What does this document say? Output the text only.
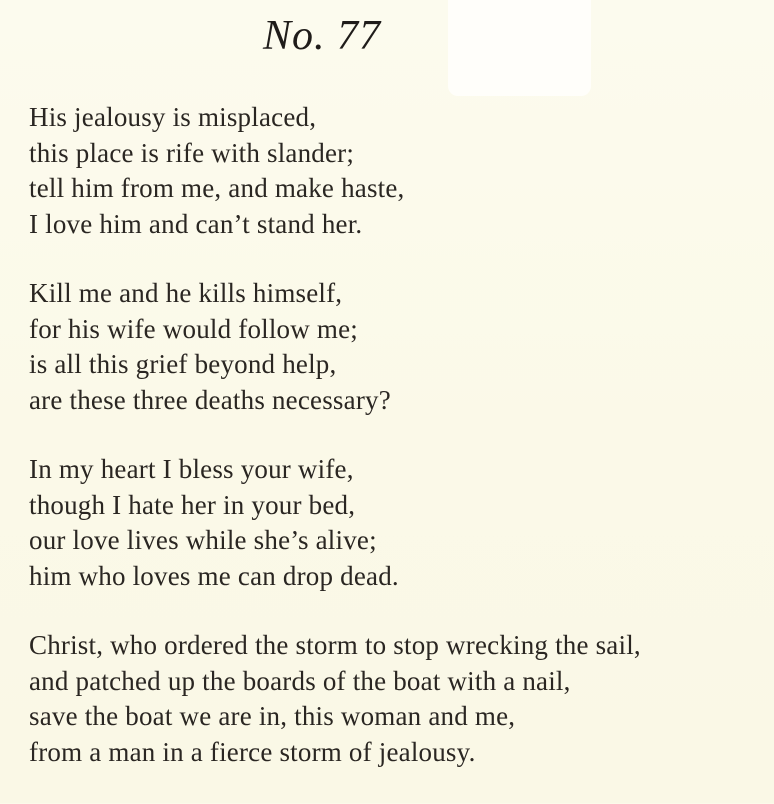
No. 77
His jealousy is misplaced,
this place is rife with slander;
tell him from me, and make haste,
I love him and can’t stand her.
Kill me and he kills himself,
for his wife would follow me;
is all this grief beyond help,
are these three deaths necessary?
In my heart I bless your wife,
though I hate her in your bed,
our love lives while she’s alive;
him who loves me can drop dead.
Christ, who ordered the storm to stop wrecking the sail,
and patched up the boards of the boat with a nail,
save the boat we are in, this woman and me,
from a man in a fierce storm of jealousy.
